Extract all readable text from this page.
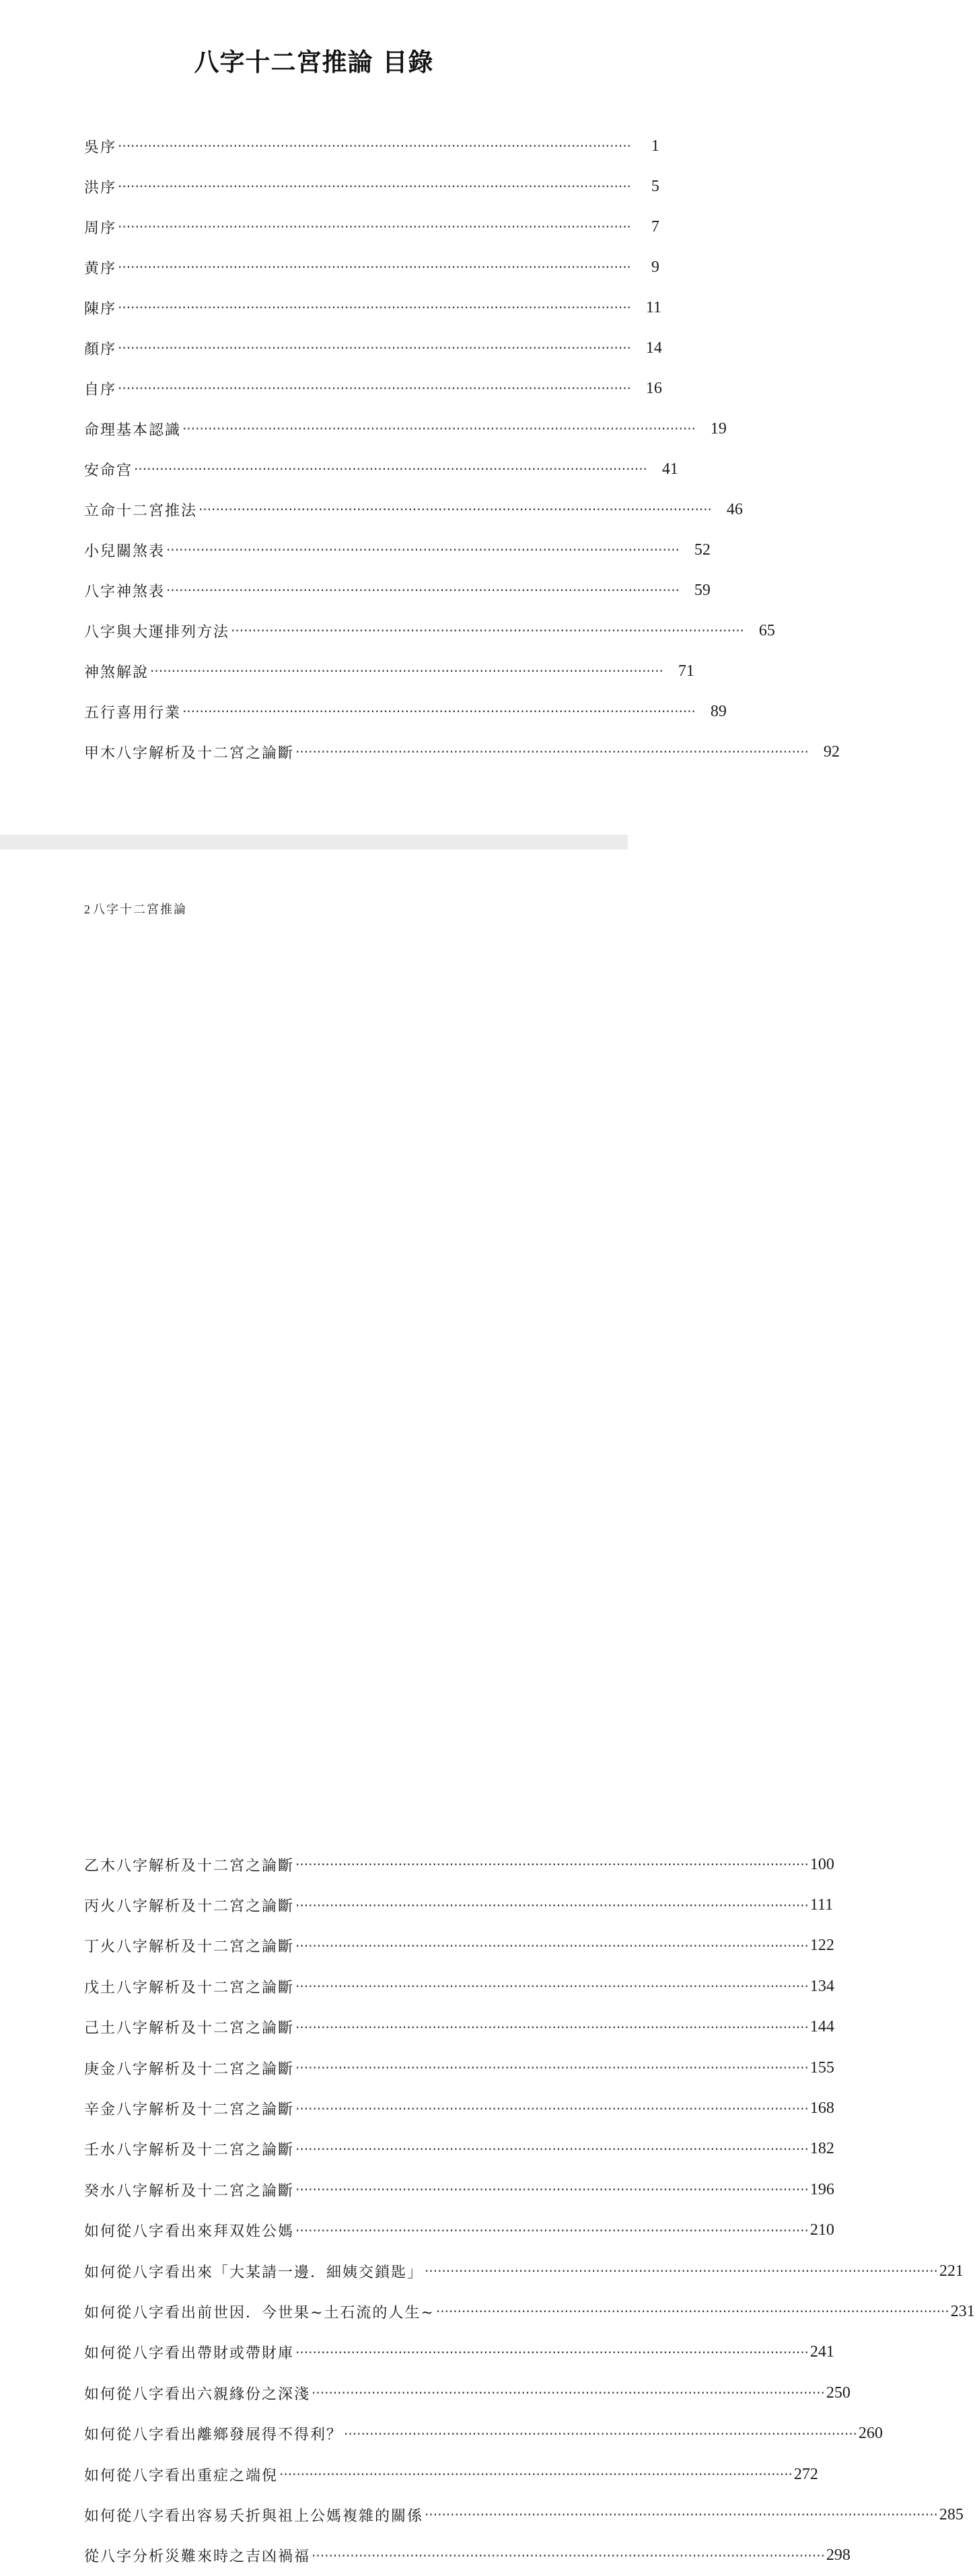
八字十二宮推論 目錄
吳序 ‧‧‧‧‧‧‧‧‧‧‧‧‧‧‧‧‧‧‧‧‧‧‧‧‧‧‧‧‧‧‧‧‧‧‧‧‧‧‧‧‧‧‧‧‧‧‧‧‧‧‧‧‧‧‧‧‧‧‧‧‧‧‧‧‧‧‧‧‧‧‧‧‧‧‧‧‧‧‧‧‧‧‧‧‧‧‧‧‧‧‧‧‧‧‧‧‧‧‧‧‧‧‧‧‧‧‧‧‧‧‧‧‧‧‧‧‧‧‧‧	1
洪序 ‧‧‧‧‧‧‧‧‧‧‧‧‧‧‧‧‧‧‧‧‧‧‧‧‧‧‧‧‧‧‧‧‧‧‧‧‧‧‧‧‧‧‧‧‧‧‧‧‧‧‧‧‧‧‧‧‧‧‧‧‧‧‧‧‧‧‧‧‧‧‧‧‧‧‧‧‧‧‧‧‧‧‧‧‧‧‧‧‧‧‧‧‧‧‧‧‧‧‧‧‧‧‧‧‧‧‧‧‧‧‧‧‧‧‧‧‧‧‧‧	5
周序 ‧‧‧‧‧‧‧‧‧‧‧‧‧‧‧‧‧‧‧‧‧‧‧‧‧‧‧‧‧‧‧‧‧‧‧‧‧‧‧‧‧‧‧‧‧‧‧‧‧‧‧‧‧‧‧‧‧‧‧‧‧‧‧‧‧‧‧‧‧‧‧‧‧‧‧‧‧‧‧‧‧‧‧‧‧‧‧‧‧‧‧‧‧‧‧‧‧‧‧‧‧‧‧‧‧‧‧‧‧‧‧‧‧‧‧‧‧‧‧‧	7
黄序 ‧‧‧‧‧‧‧‧‧‧‧‧‧‧‧‧‧‧‧‧‧‧‧‧‧‧‧‧‧‧‧‧‧‧‧‧‧‧‧‧‧‧‧‧‧‧‧‧‧‧‧‧‧‧‧‧‧‧‧‧‧‧‧‧‧‧‧‧‧‧‧‧‧‧‧‧‧‧‧‧‧‧‧‧‧‧‧‧‧‧‧‧‧‧‧‧‧‧‧‧‧‧‧‧‧‧‧‧‧‧‧‧‧‧‧‧‧‧‧‧	9
陳序 ‧‧‧‧‧‧‧‧‧‧‧‧‧‧‧‧‧‧‧‧‧‧‧‧‧‧‧‧‧‧‧‧‧‧‧‧‧‧‧‧‧‧‧‧‧‧‧‧‧‧‧‧‧‧‧‧‧‧‧‧‧‧‧‧‧‧‧‧‧‧‧‧‧‧‧‧‧‧‧‧‧‧‧‧‧‧‧‧‧‧‧‧‧‧‧‧‧‧‧‧‧‧‧‧‧‧‧‧‧‧‧‧‧‧‧‧‧‧‧‧ 11
顏序 ‧‧‧‧‧‧‧‧‧‧‧‧‧‧‧‧‧‧‧‧‧‧‧‧‧‧‧‧‧‧‧‧‧‧‧‧‧‧‧‧‧‧‧‧‧‧‧‧‧‧‧‧‧‧‧‧‧‧‧‧‧‧‧‧‧‧‧‧‧‧‧‧‧‧‧‧‧‧‧‧‧‧‧‧‧‧‧‧‧‧‧‧‧‧‧‧‧‧‧‧‧‧‧‧‧‧‧‧‧‧‧‧‧‧‧‧‧‧‧‧ 14
自序 ‧‧‧‧‧‧‧‧‧‧‧‧‧‧‧‧‧‧‧‧‧‧‧‧‧‧‧‧‧‧‧‧‧‧‧‧‧‧‧‧‧‧‧‧‧‧‧‧‧‧‧‧‧‧‧‧‧‧‧‧‧‧‧‧‧‧‧‧‧‧‧‧‧‧‧‧‧‧‧‧‧‧‧‧‧‧‧‧‧‧‧‧‧‧‧‧‧‧‧‧‧‧‧‧‧‧‧‧‧‧‧‧‧‧‧‧‧‧‧‧ 16
命理基本認識 ‧‧‧‧‧‧‧‧‧‧‧‧‧‧‧‧‧‧‧‧‧‧‧‧‧‧‧‧‧‧‧‧‧‧‧‧‧‧‧‧‧‧‧‧‧‧‧‧‧‧‧‧‧‧‧‧‧‧‧‧‧‧‧‧‧‧‧‧‧‧‧‧‧‧‧‧‧‧‧‧‧‧‧‧‧‧‧‧‧‧‧‧‧‧‧‧‧‧‧‧‧‧‧‧‧‧‧‧‧‧‧‧‧‧‧‧‧‧‧‧ 19
安命宫 ‧‧‧‧‧‧‧‧‧‧‧‧‧‧‧‧‧‧‧‧‧‧‧‧‧‧‧‧‧‧‧‧‧‧‧‧‧‧‧‧‧‧‧‧‧‧‧‧‧‧‧‧‧‧‧‧‧‧‧‧‧‧‧‧‧‧‧‧‧‧‧‧‧‧‧‧‧‧‧‧‧‧‧‧‧‧‧‧‧‧‧‧‧‧‧‧‧‧‧‧‧‧‧‧‧‧‧‧‧‧‧‧‧‧‧‧‧‧‧‧ 41
立命十二宮推法 ‧‧‧‧‧‧‧‧‧‧‧‧‧‧‧‧‧‧‧‧‧‧‧‧‧‧‧‧‧‧‧‧‧‧‧‧‧‧‧‧‧‧‧‧‧‧‧‧‧‧‧‧‧‧‧‧‧‧‧‧‧‧‧‧‧‧‧‧‧‧‧‧‧‧‧‧‧‧‧‧‧‧‧‧‧‧‧‧‧‧‧‧‧‧‧‧‧‧‧‧‧‧‧‧‧‧‧‧‧‧‧‧‧‧‧‧‧‧‧‧ 46
小兒關煞表 ‧‧‧‧‧‧‧‧‧‧‧‧‧‧‧‧‧‧‧‧‧‧‧‧‧‧‧‧‧‧‧‧‧‧‧‧‧‧‧‧‧‧‧‧‧‧‧‧‧‧‧‧‧‧‧‧‧‧‧‧‧‧‧‧‧‧‧‧‧‧‧‧‧‧‧‧‧‧‧‧‧‧‧‧‧‧‧‧‧‧‧‧‧‧‧‧‧‧‧‧‧‧‧‧‧‧‧‧‧‧‧‧‧‧‧‧‧‧‧‧ 52
八字神煞表 ‧‧‧‧‧‧‧‧‧‧‧‧‧‧‧‧‧‧‧‧‧‧‧‧‧‧‧‧‧‧‧‧‧‧‧‧‧‧‧‧‧‧‧‧‧‧‧‧‧‧‧‧‧‧‧‧‧‧‧‧‧‧‧‧‧‧‧‧‧‧‧‧‧‧‧‧‧‧‧‧‧‧‧‧‧‧‧‧‧‧‧‧‧‧‧‧‧‧‧‧‧‧‧‧‧‧‧‧‧‧‧‧‧‧‧‧‧‧‧‧ 59
八字與大運排列方法 ‧‧‧‧‧‧‧‧‧‧‧‧‧‧‧‧‧‧‧‧‧‧‧‧‧‧‧‧‧‧‧‧‧‧‧‧‧‧‧‧‧‧‧‧‧‧‧‧‧‧‧‧‧‧‧‧‧‧‧‧‧‧‧‧‧‧‧‧‧‧‧‧‧‧‧‧‧‧‧‧‧‧‧‧‧‧‧‧‧‧‧‧‧‧‧‧‧‧‧‧‧‧‧‧‧‧‧‧‧‧‧‧‧‧‧‧‧‧‧‧ 65
神煞解說 ‧‧‧‧‧‧‧‧‧‧‧‧‧‧‧‧‧‧‧‧‧‧‧‧‧‧‧‧‧‧‧‧‧‧‧‧‧‧‧‧‧‧‧‧‧‧‧‧‧‧‧‧‧‧‧‧‧‧‧‧‧‧‧‧‧‧‧‧‧‧‧‧‧‧‧‧‧‧‧‧‧‧‧‧‧‧‧‧‧‧‧‧‧‧‧‧‧‧‧‧‧‧‧‧‧‧‧‧‧‧‧‧‧‧‧‧‧‧‧‧ 71
五行喜用行業 ‧‧‧‧‧‧‧‧‧‧‧‧‧‧‧‧‧‧‧‧‧‧‧‧‧‧‧‧‧‧‧‧‧‧‧‧‧‧‧‧‧‧‧‧‧‧‧‧‧‧‧‧‧‧‧‧‧‧‧‧‧‧‧‧‧‧‧‧‧‧‧‧‧‧‧‧‧‧‧‧‧‧‧‧‧‧‧‧‧‧‧‧‧‧‧‧‧‧‧‧‧‧‧‧‧‧‧‧‧‧‧‧‧‧‧‧‧‧‧‧ 89
甲木八字解析及十二宮之論斷 ‧‧‧‧‧‧‧‧‧‧‧‧‧‧‧‧‧‧‧‧‧‧‧‧‧‧‧‧‧‧‧‧‧‧‧‧‧‧‧‧‧‧‧‧‧‧‧‧‧‧‧‧‧‧‧‧‧‧‧‧‧‧‧‧‧‧‧‧‧‧‧‧‧‧‧‧‧‧‧‧‧‧‧‧‧‧‧‧‧‧‧‧‧‧‧‧‧‧‧‧‧‧‧‧‧‧‧‧‧‧‧‧‧‧‧‧‧‧‧‧ 92
2 八字十二宮推論
乙木八字解析及十二宮之論斷 ‧‧‧‧‧‧‧‧‧‧‧‧‧‧‧‧‧‧‧‧‧‧‧‧‧‧‧‧‧‧‧‧‧‧‧‧‧‧‧‧‧‧‧‧‧‧‧‧‧‧‧‧‧‧‧‧‧‧‧‧‧‧‧‧‧‧‧‧‧‧‧‧‧‧‧‧‧‧‧‧‧‧‧‧‧‧‧‧‧‧‧‧‧‧‧‧‧‧‧‧‧‧‧‧‧‧‧‧‧‧‧‧‧‧‧‧‧‧‧‧ 100
丙火八字解析及十二宮之論斷 ‧‧‧‧‧‧‧‧‧‧‧‧‧‧‧‧‧‧‧‧‧‧‧‧‧‧‧‧‧‧‧‧‧‧‧‧‧‧‧‧‧‧‧‧‧‧‧‧‧‧‧‧‧‧‧‧‧‧‧‧‧‧‧‧‧‧‧‧‧‧‧‧‧‧‧‧‧‧‧‧‧‧‧‧‧‧‧‧‧‧‧‧‧‧‧‧‧‧‧‧‧‧‧‧‧‧‧‧‧‧‧‧‧‧‧‧‧‧‧‧ 111
丁火八字解析及十二宮之論斷 ‧‧‧‧‧‧‧‧‧‧‧‧‧‧‧‧‧‧‧‧‧‧‧‧‧‧‧‧‧‧‧‧‧‧‧‧‧‧‧‧‧‧‧‧‧‧‧‧‧‧‧‧‧‧‧‧‧‧‧‧‧‧‧‧‧‧‧‧‧‧‧‧‧‧‧‧‧‧‧‧‧‧‧‧‧‧‧‧‧‧‧‧‧‧‧‧‧‧‧‧‧‧‧‧‧‧‧‧‧‧‧‧‧‧‧‧‧‧‧‧ 122
戊土八字解析及十二宮之論斷 ‧‧‧‧‧‧‧‧‧‧‧‧‧‧‧‧‧‧‧‧‧‧‧‧‧‧‧‧‧‧‧‧‧‧‧‧‧‧‧‧‧‧‧‧‧‧‧‧‧‧‧‧‧‧‧‧‧‧‧‧‧‧‧‧‧‧‧‧‧‧‧‧‧‧‧‧‧‧‧‧‧‧‧‧‧‧‧‧‧‧‧‧‧‧‧‧‧‧‧‧‧‧‧‧‧‧‧‧‧‧‧‧‧‧‧‧‧‧‧‧ 134
己土八字解析及十二宮之論斷 ‧‧‧‧‧‧‧‧‧‧‧‧‧‧‧‧‧‧‧‧‧‧‧‧‧‧‧‧‧‧‧‧‧‧‧‧‧‧‧‧‧‧‧‧‧‧‧‧‧‧‧‧‧‧‧‧‧‧‧‧‧‧‧‧‧‧‧‧‧‧‧‧‧‧‧‧‧‧‧‧‧‧‧‧‧‧‧‧‧‧‧‧‧‧‧‧‧‧‧‧‧‧‧‧‧‧‧‧‧‧‧‧‧‧‧‧‧‧‧‧ 144
庚金八字解析及十二宮之論斷 ‧‧‧‧‧‧‧‧‧‧‧‧‧‧‧‧‧‧‧‧‧‧‧‧‧‧‧‧‧‧‧‧‧‧‧‧‧‧‧‧‧‧‧‧‧‧‧‧‧‧‧‧‧‧‧‧‧‧‧‧‧‧‧‧‧‧‧‧‧‧‧‧‧‧‧‧‧‧‧‧‧‧‧‧‧‧‧‧‧‧‧‧‧‧‧‧‧‧‧‧‧‧‧‧‧‧‧‧‧‧‧‧‧‧‧‧‧‧‧‧ 155
辛金八字解析及十二宮之論斷 ‧‧‧‧‧‧‧‧‧‧‧‧‧‧‧‧‧‧‧‧‧‧‧‧‧‧‧‧‧‧‧‧‧‧‧‧‧‧‧‧‧‧‧‧‧‧‧‧‧‧‧‧‧‧‧‧‧‧‧‧‧‧‧‧‧‧‧‧‧‧‧‧‧‧‧‧‧‧‧‧‧‧‧‧‧‧‧‧‧‧‧‧‧‧‧‧‧‧‧‧‧‧‧‧‧‧‧‧‧‧‧‧‧‧‧‧‧‧‧‧ 168
壬水八字解析及十二宮之論斷 ‧‧‧‧‧‧‧‧‧‧‧‧‧‧‧‧‧‧‧‧‧‧‧‧‧‧‧‧‧‧‧‧‧‧‧‧‧‧‧‧‧‧‧‧‧‧‧‧‧‧‧‧‧‧‧‧‧‧‧‧‧‧‧‧‧‧‧‧‧‧‧‧‧‧‧‧‧‧‧‧‧‧‧‧‧‧‧‧‧‧‧‧‧‧‧‧‧‧‧‧‧‧‧‧‧‧‧‧‧‧‧‧‧‧‧‧‧‧‧‧ 182
癸水八字解析及十二宮之論斷 ‧‧‧‧‧‧‧‧‧‧‧‧‧‧‧‧‧‧‧‧‧‧‧‧‧‧‧‧‧‧‧‧‧‧‧‧‧‧‧‧‧‧‧‧‧‧‧‧‧‧‧‧‧‧‧‧‧‧‧‧‧‧‧‧‧‧‧‧‧‧‧‧‧‧‧‧‧‧‧‧‧‧‧‧‧‧‧‧‧‧‧‧‧‧‧‧‧‧‧‧‧‧‧‧‧‧‧‧‧‧‧‧‧‧‧‧‧‧‧‧ 196
如何從八字看出來拜双姓公媽 ‧‧‧‧‧‧‧‧‧‧‧‧‧‧‧‧‧‧‧‧‧‧‧‧‧‧‧‧‧‧‧‧‧‧‧‧‧‧‧‧‧‧‧‧‧‧‧‧‧‧‧‧‧‧‧‧‧‧‧‧‧‧‧‧‧‧‧‧‧‧‧‧‧‧‧‧‧‧‧‧‧‧‧‧‧‧‧‧‧‧‧‧‧‧‧‧‧‧‧‧‧‧‧‧‧‧‧‧‧‧‧‧‧‧‧‧‧‧‧‧ 210
如何從八字看出來「大某請一邊．細姨交鎖匙」 ‧‧‧‧‧‧‧‧‧‧‧‧‧‧‧‧‧‧‧‧‧‧‧‧‧‧‧‧‧‧‧‧‧‧‧‧‧‧‧‧‧‧‧‧‧‧‧‧‧‧‧‧‧‧‧‧‧‧‧‧‧‧‧‧‧‧‧‧‧‧‧‧‧‧‧‧‧‧‧‧‧‧‧‧‧‧‧‧‧‧‧‧‧‧‧‧‧‧‧‧‧‧‧‧‧‧‧‧‧‧‧‧‧‧‧‧‧‧‧‧ 221
如何從八字看出前世因．今世果~土石流的人生~ ‧‧‧‧‧‧‧‧‧‧‧‧‧‧‧‧‧‧‧‧‧‧‧‧‧‧‧‧‧‧‧‧‧‧‧‧‧‧‧‧‧‧‧‧‧‧‧‧‧‧‧‧‧‧‧‧‧‧‧‧‧‧‧‧‧‧‧‧‧‧‧‧‧‧‧‧‧‧‧‧‧‧‧‧‧‧‧‧‧‧‧‧‧‧‧‧‧‧‧‧‧‧‧‧‧‧‧‧‧‧‧‧‧‧‧‧‧‧‧‧ 231
如何從八字看出帶財或帶財庫 ‧‧‧‧‧‧‧‧‧‧‧‧‧‧‧‧‧‧‧‧‧‧‧‧‧‧‧‧‧‧‧‧‧‧‧‧‧‧‧‧‧‧‧‧‧‧‧‧‧‧‧‧‧‧‧‧‧‧‧‧‧‧‧‧‧‧‧‧‧‧‧‧‧‧‧‧‧‧‧‧‧‧‧‧‧‧‧‧‧‧‧‧‧‧‧‧‧‧‧‧‧‧‧‧‧‧‧‧‧‧‧‧‧‧‧‧‧‧‧‧ 241
如何從八字看出六親緣份之深淺 ‧‧‧‧‧‧‧‧‧‧‧‧‧‧‧‧‧‧‧‧‧‧‧‧‧‧‧‧‧‧‧‧‧‧‧‧‧‧‧‧‧‧‧‧‧‧‧‧‧‧‧‧‧‧‧‧‧‧‧‧‧‧‧‧‧‧‧‧‧‧‧‧‧‧‧‧‧‧‧‧‧‧‧‧‧‧‧‧‧‧‧‧‧‧‧‧‧‧‧‧‧‧‧‧‧‧‧‧‧‧‧‧‧‧‧‧‧‧‧‧ 250
如何從八字看出離鄉發展得不得利？ ‧‧‧‧‧‧‧‧‧‧‧‧‧‧‧‧‧‧‧‧‧‧‧‧‧‧‧‧‧‧‧‧‧‧‧‧‧‧‧‧‧‧‧‧‧‧‧‧‧‧‧‧‧‧‧‧‧‧‧‧‧‧‧‧‧‧‧‧‧‧‧‧‧‧‧‧‧‧‧‧‧‧‧‧‧‧‧‧‧‧‧‧‧‧‧‧‧‧‧‧‧‧‧‧‧‧‧‧‧‧‧‧‧‧‧‧‧‧‧‧ 260
如何從八字看出重症之端倪 ‧‧‧‧‧‧‧‧‧‧‧‧‧‧‧‧‧‧‧‧‧‧‧‧‧‧‧‧‧‧‧‧‧‧‧‧‧‧‧‧‧‧‧‧‧‧‧‧‧‧‧‧‧‧‧‧‧‧‧‧‧‧‧‧‧‧‧‧‧‧‧‧‧‧‧‧‧‧‧‧‧‧‧‧‧‧‧‧‧‧‧‧‧‧‧‧‧‧‧‧‧‧‧‧‧‧‧‧‧‧‧‧‧‧‧‧‧‧‧‧ 272
如何從八字看出容易夭折與祖上公媽複雜的關係 ‧‧‧‧‧‧‧‧‧‧‧‧‧‧‧‧‧‧‧‧‧‧‧‧‧‧‧‧‧‧‧‧‧‧‧‧‧‧‧‧‧‧‧‧‧‧‧‧‧‧‧‧‧‧‧‧‧‧‧‧‧‧‧‧‧‧‧‧‧‧‧‧‧‧‧‧‧‧‧‧‧‧‧‧‧‧‧‧‧‧‧‧‧‧‧‧‧‧‧‧‧‧‧‧‧‧‧‧‧‧‧‧‧‧‧‧‧‧‧‧ 285
從八字分析災難來時之吉凶禍福 ‧‧‧‧‧‧‧‧‧‧‧‧‧‧‧‧‧‧‧‧‧‧‧‧‧‧‧‧‧‧‧‧‧‧‧‧‧‧‧‧‧‧‧‧‧‧‧‧‧‧‧‧‧‧‧‧‧‧‧‧‧‧‧‧‧‧‧‧‧‧‧‧‧‧‧‧‧‧‧‧‧‧‧‧‧‧‧‧‧‧‧‧‧‧‧‧‧‧‧‧‧‧‧‧‧‧‧‧‧‧‧‧‧‧‧‧‧‧‧‧ 298
